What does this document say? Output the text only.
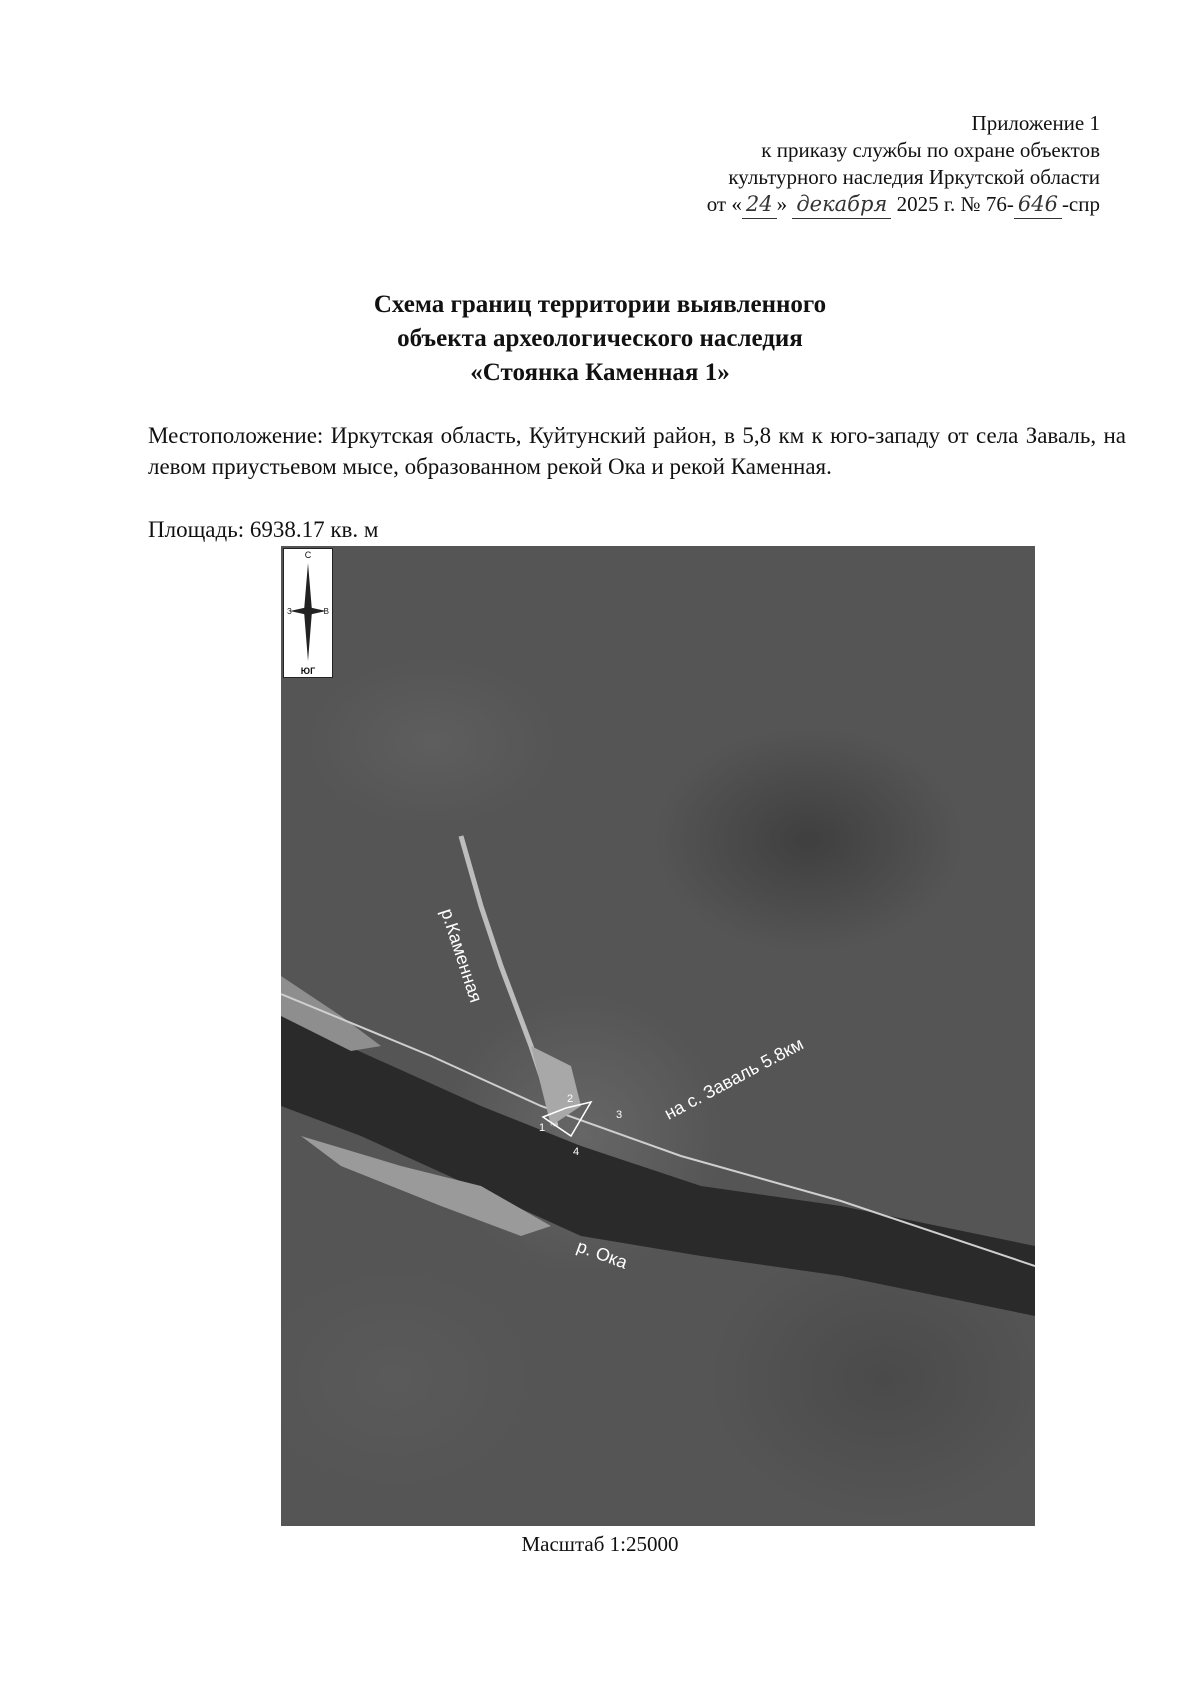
Приложение 1
к приказу службы по охране объектов
культурного наследия Иркутской области
от « 24 » декабря 2025 г. № 76- 646 -спр
Схема границ территории выявленного
объекта археологического наследия
«Стоянка Каменная 1»
Местоположение: Иркутская область, Куйтунский район, в 5,8 км к юго-западу от села Заваль, на левом приустьевом мысе, образованном рекой Ока и рекой Каменная.
Площадь: 6938.17 кв. м
С
З	В
ЮГ
р.Каменная
на с. Заваль 5.8км
р. Ока
1
2
3
4
Масштаб 1:25000
